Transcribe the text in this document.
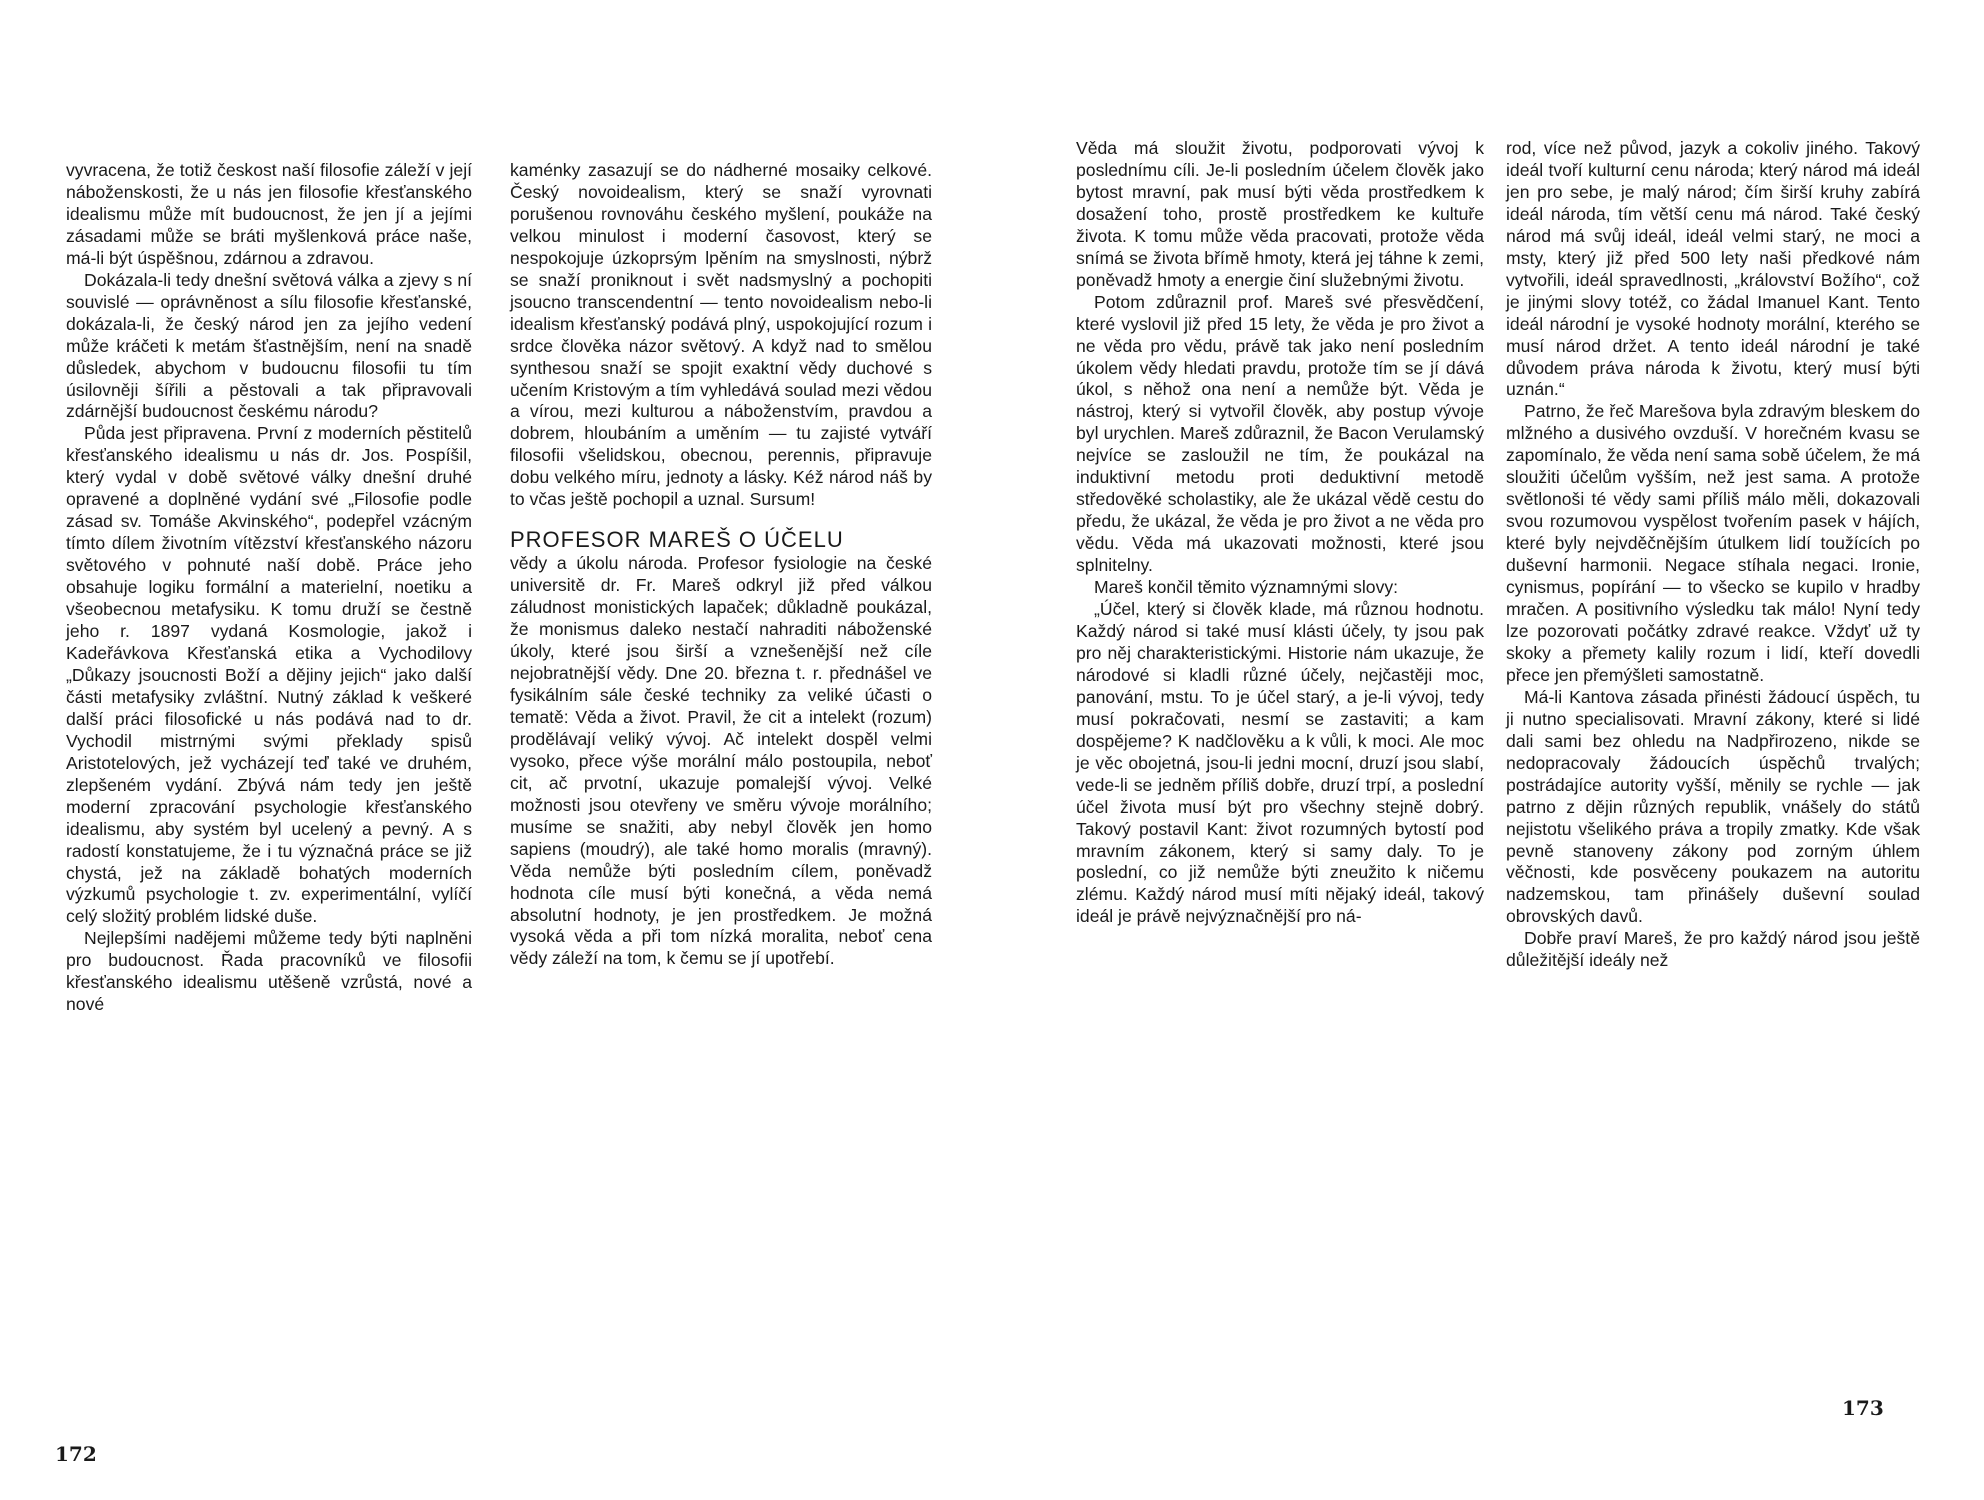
vyvracena, že totiž českost naší filosofie záleží v její náboženskosti, že u nás jen filosofie křesťanského idealismu může mít budoucnost, že jen jí a jejími zásadami může se bráti myšlenková práce naše, má-li být úspěšnou, zdárnou a zdravou.

Dokázala-li tedy dnešní světová válka a zjevy s ní souvislé — oprávněnost a sílu filosofie křesťanské, dokázala-li, že český národ jen za jejího vedení může kráčeti k metám šťastnějším, není na snadě důsledek, abychom v budoucnu filosofii tu tím úsilovněji šířili a pěstovali a tak připravovali zdárnější budoucnost českému národu?

Půda jest připravena. První z moderních pěstitelů křesťanského idealismu u nás dr. Jos. Pospíšil, který vydal v době světové války dnešní druhé opravené a doplněné vydání své „Filosofie podle zásad sv. Tomáše Akvinského“, podepřel vzácným tímto dílem životním vítězství křesťanského názoru světového v pohnuté naší době. Práce jeho obsahuje logiku formální a materielní, noetiku a všeobecnou metafysiku. K tomu druží se čestně jeho r. 1897 vydaná Kosmologie, jakož i Kadeřávkova Křesťanská etika a Vychodilovy „Důkazy jsoucnosti Boží a dějiny jejich“ jako další části metafysiky zvláštní. Nutný základ k veškeré další práci filosofické u nás podává nad to dr. Vychodil mistrnými svými překlady spisů Aristotelových, jež vycházejí teď také ve druhém, zlepšeném vydání. Zbývá nám tedy jen ještě moderní zpracování psychologie křesťanského idealismu, aby systém byl ucelený a pevný. A s radostí konstatujeme, že i tu význačná práce se již chystá, jež na základě bohatých moderních výzkumů psychologie t. zv. experimentální, vylíčí celý složitý problém lidské duše.

Nejlepšími nadějemi můžeme tedy býti naplněni pro budoucnost. Řada pracovníků ve filosofii křesťanského idealismu utěšeně vzrůstá, nové a nové

kaménky zasazují se do nádherné mosaiky celkové. Český novoidealism, který se snaží vyrovnati porušenou rovnováhu českého myšlení, poukáže na velkou minulost i moderní časovost, který se nespokojuje úzkoprsým lpěním na smyslnosti, nýbrž se snaží proniknout i svět nadsmyslný a pochopiti jsoucno transcendentní — tento novoidealism nebo-li idealism křesťanský podává plný, uspokojující rozum i srdce člověka názor světový. A když nad to smělou synthesou snaží se spojit exaktní vědy duchové s učením Kristovým a tím vyhledává soulad mezi vědou a vírou, mezi kulturou a náboženstvím, pravdou a dobrem, hloubáním a uměním — tu zajisté vytváří filosofii všelidskou, obecnou, perennis, připravuje dobu velkého míru, jednoty a lásky. Kéž národ náš by to včas ještě pochopil a uznal. Sursum!

PROFESOR MAREŠ O ÚČELU

vědy a úkolu národa. Profesor fysiologie na české universitě dr. Fr. Mareš odkryl již před válkou záludnost monistických lapaček; důkladně poukázal, že monismus daleko nestačí nahraditi náboženské úkoly, které jsou širší a vznešenější než cíle nejobratnější vědy. Dne 20. března t. r. přednášel ve fysikálním sále české techniky za veliké účasti o tematě: Věda a život. Pravil, že cit a intelekt (rozum) prodělávají veliký vývoj. Ač intelekt dospěl velmi vysoko, přece výše morální málo postoupila, neboť cit, ač prvotní, ukazuje pomalejší vývoj. Velké možnosti jsou otevřeny ve směru vývoje morálního; musíme se snažiti, aby nebyl člověk jen homo sapiens (moudrý), ale také homo moralis (mravný). Věda nemůže býti posledním cílem, poněvadž hodnota cíle musí býti konečná, a věda nemá absolutní hodnoty, je jen prostředkem. Je možná vysoká věda a při tom nízká moralita, neboť cena vědy záleží na tom, k čemu se jí upotřebí.

172

Věda má sloužit životu, podporovati vývoj k poslednímu cíli. Je-li posledním účelem člověk jako bytost mravní, pak musí býti věda prostředkem k dosažení toho, prostě prostředkem ke kultuře života. K tomu může věda pracovati, protože věda snímá se života břímě hmoty, která jej táhne k zemi, poněvadž hmoty a energie činí služebnými životu.

Potom zdůraznil prof. Mareš své přesvědčení, které vyslovil již před 15 lety, že věda je pro život a ne věda pro vědu, právě tak jako není posledním úkolem vědy hledati pravdu, protože tím se jí dává úkol, s něhož ona není a nemůže být. Věda je nástroj, který si vytvořil člověk, aby postup vývoje byl urychlen. Mareš zdůraznil, že Bacon Verulamský nejvíce se zasloužil ne tím, že poukázal na induktivní metodu proti deduktivní metodě středověké scholastiky, ale že ukázal vědě cestu do předu, že ukázal, že věda je pro život a ne věda pro vědu. Věda má ukazovati možnosti, které jsou splnitelny.

Mareš končil těmito významnými slovy:

„Účel, který si člověk klade, má různou hodnotu. Každý národ si také musí klásti účely, ty jsou pak pro něj charakteristickými. Historie nám ukazuje, že národové si kladli různé účely, nejčastěji moc, panování, mstu. To je účel starý, a je-li vývoj, tedy musí pokračovati, nesmí se zastaviti; a kam dospějeme? K nadčlověku a k vůli, k moci. Ale moc je věc obojetná, jsou-li jedni mocní, druzí jsou slabí, vede-li se jedněm příliš dobře, druzí trpí, a poslední účel života musí být pro všechny stejně dobrý. Takový postavil Kant: život rozumných bytostí pod mravním zákonem, který si samy daly. To je poslední, co již nemůže býti zneužito k ničemu zlému. Každý národ musí míti nějaký ideál, takový ideál je právě nejvýznačnější pro ná-

rod, více než původ, jazyk a cokoliv jiného. Takový ideál tvoří kulturní cenu národa; který národ má ideál jen pro sebe, je malý národ; čím širší kruhy zabírá ideál národa, tím větší cenu má národ. Také český národ má svůj ideál, ideál velmi starý, ne moci a msty, který již před 500 lety naši předkové nám vytvořili, ideál spravedlnosti, „království Božího“, což je jinými slovy totéž, co žádal Imanuel Kant. Tento ideál národní je vysoké hodnoty morální, kterého se musí národ držet. A tento ideál národní je také důvodem práva národa k životu, který musí býti uznán.“

Patrno, že řeč Marešova byla zdravým bleskem do mlžného a dusivého ovzduší. V horečném kvasu se zapomínalo, že věda není sama sobě účelem, že má sloužiti účelům vyšším, než jest sama. A protože světlonoši té vědy sami příliš málo měli, dokazovali svou rozumovou vyspělost tvořením pasek v hájích, které byly nejvděčnějším útulkem lidí toužících po duševní harmonii. Negace stíhala negaci. Ironie, cynismus, popírání — to všecko se kupilo v hradby mračen. A positivního výsledku tak málo! Nyní tedy lze pozorovati počátky zdravé reakce. Vždyť už ty skoky a přemety kalily rozum i lidí, kteří dovedli přece jen přemýšleti samostatně.

Má-li Kantova zásada přinésti žádoucí úspěch, tu ji nutno specialisovati. Mravní zákony, které si lidé dali sami bez ohledu na Nadpřirozeno, nikde se nedopracovaly žádoucích úspěchů trvalých; postrádajíce autority vyšší, měnily se rychle — jak patrno z dějin různých republik, vnášely do států nejistotu všelikého práva a tropily zmatky. Kde však pevně stanoveny zákony pod zorným úhlem věčnosti, kde posvěceny poukazem na autoritu nadzemskou, tam přinášely duševní soulad obrovských davů.

Dobře praví Mareš, že pro každý národ jsou ještě důležitější ideály než

173
